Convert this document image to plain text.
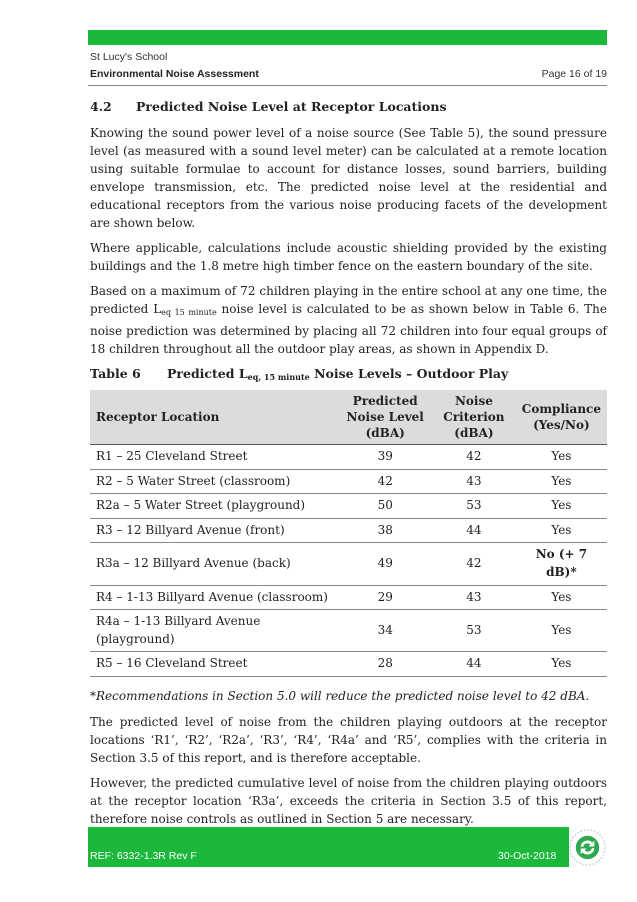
St Lucy's School
Environmental Noise Assessment	Page 16 of 19
4.2 Predicted Noise Level at Receptor Locations

Knowing the sound power level of a noise source (See Table 5), the sound pressure level (as measured with a sound level meter) can be calculated at a remote location using suitable formulae to account for distance losses, sound barriers, building envelope transmission, etc. The predicted noise level at the residential and educational receptors from the various noise producing facets of the development are shown below.

Where applicable, calculations include acoustic shielding provided by the existing buildings and the 1.8 metre high timber fence on the eastern boundary of the site.

Based on a maximum of 72 children playing in the entire school at any one time, the predicted $L_{eq 15 minute}$ noise level is calculated to be as shown below in Table 6. The noise prediction was determined by placing all 72 children into four equal groups of 18 children throughout all the outdoor play areas, as shown in Appendix D.

Table 6 Predicted $L_{eq, 15 minute}$ Noise Levels – Outdoor Play
Receptor Location	Predicted
Noise Level
(dBA)	Noise
Criterion
(dBA)	Compliance
(Yes/No)
R1 – 25 Cleveland Street	39	42	Yes
R2 – 5 Water Street (classroom)	42	43	Yes
R2a – 5 Water Street (playground)	50	53	Yes
R3 – 12 Billyard Avenue (front)	38	44	Yes
R3a – 12 Billyard Avenue (back)	49	42	No (+ 7 dB)*
R4 – 1-13 Billyard Avenue (classroom)	29	43	Yes
R4a – 1-13 Billyard Avenue (playground)	34	53	Yes
R5 – 16 Cleveland Street	28	44	Yes

*Recommendations in Section 5.0 will reduce the predicted noise level to 42 dBA.

The predicted level of noise from the children playing outdoors at the receptor locations ‘R1’, ‘R2’, ‘R2a’, ‘R3’, ‘R4’, ‘R4a’ and ‘R5’, complies with the criteria in Section 3.5 of this report, and is therefore acceptable.

However, the predicted cumulative level of noise from the children playing outdoors at the receptor location ‘R3a’, exceeds the criteria in Section 3.5 of this report, therefore noise controls as outlined in Section 5 are necessary.

REF: 6332-1.3R Rev F	30-Oct-2018
